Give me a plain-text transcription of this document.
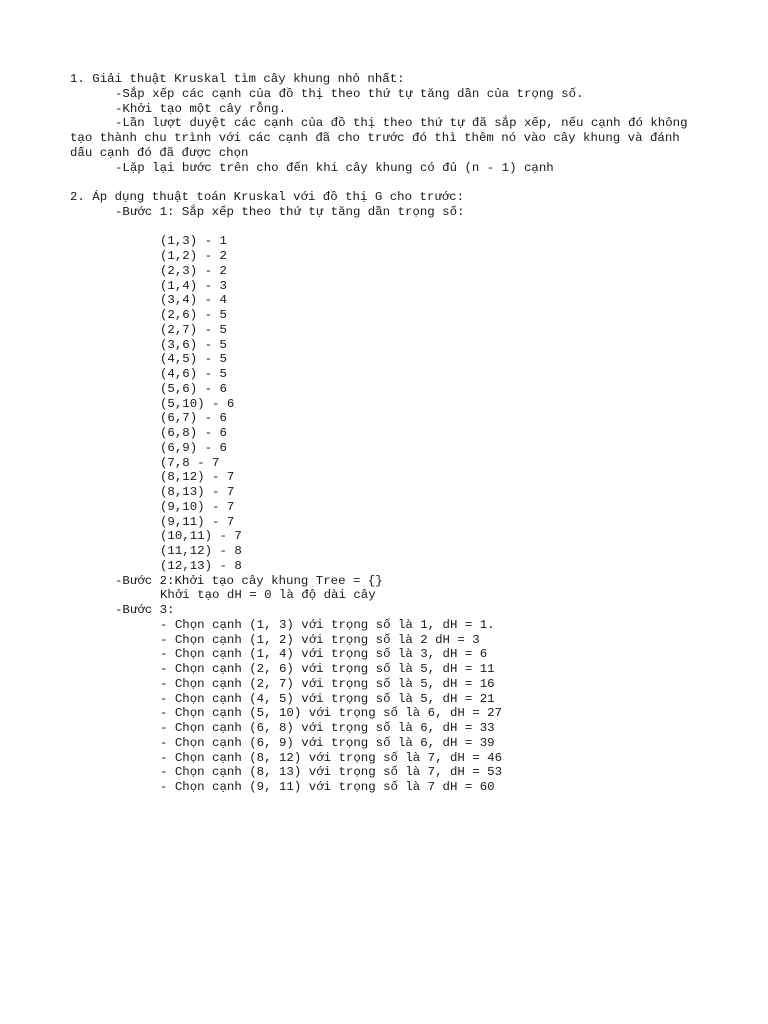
1. Giải thuật Kruskal tìm cây khung nhỏ nhất:
-Sắp xếp các cạnh của đồ thị theo thứ tự tăng dần của trọng số.
-Khởi tạo một cây rỗng.
-Lần lượt duyệt các cạnh của đồ thị theo thứ tự đã sắp xếp, nếu cạnh đó không
tạo thành chu trình với các cạnh đã cho trước đó thì thêm nó vào cây khung và đánh
dấu cạnh đó đã được chọn
-Lặp lại bước trên cho đến khi cây khung có đủ (n - 1) cạnh
2. Áp dụng thuật toán Kruskal với đồ thị G cho trước:
-Bước 1: Sắp xếp theo thứ tự tăng dần trọng số:
(1,3) - 1
(1,2) - 2
(2,3) - 2
(1,4) - 3
(3,4) - 4
(2,6) - 5
(2,7) - 5
(3,6) - 5
(4,5) - 5
(4,6) - 5
(5,6) - 6
(5,10) - 6
(6,7) - 6
(6,8) - 6
(6,9) - 6
(7,8 - 7
(8,12) - 7
(8,13) - 7
(9,10) - 7
(9,11) - 7
(10,11) - 7
(11,12) - 8
(12,13) - 8
-Bước 2:Khởi tạo cây khung Tree = {}
Khởi tạo dH = 0 là độ dài cây
-Bước 3:
- Chọn cạnh (1, 3) với trọng số là 1, dH = 1.
- Chọn cạnh (1, 2) với trọng số là 2 dH = 3
- Chọn cạnh (1, 4) với trọng số là 3, dH = 6
- Chọn cạnh (2, 6) với trọng số là 5, dH = 11
- Chọn cạnh (2, 7) với trọng số là 5, dH = 16
- Chọn cạnh (4, 5) với trọng số là 5, dH = 21
- Chọn cạnh (5, 10) với trọng số là 6, dH = 27
- Chọn cạnh (6, 8) với trọng số là 6, dH = 33
- Chọn cạnh (6, 9) với trọng số là 6, dH = 39
- Chọn cạnh (8, 12) với trọng số là 7, dH = 46
- Chọn cạnh (8, 13) với trọng số là 7, dH = 53
- Chọn cạnh (9, 11) với trọng số là 7 dH = 60
